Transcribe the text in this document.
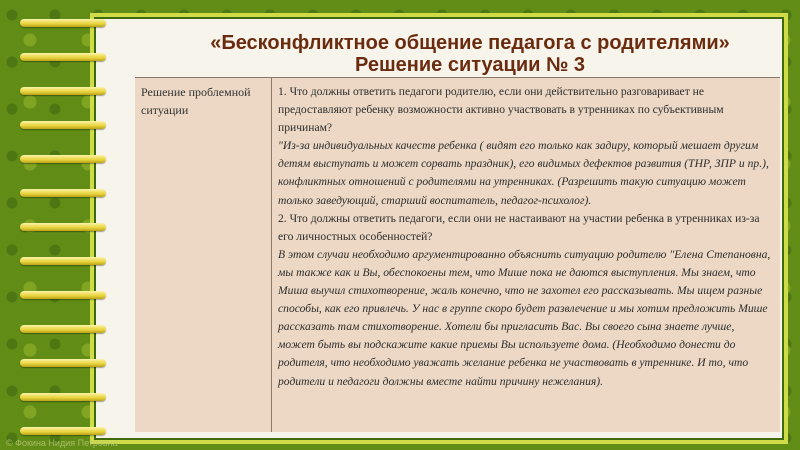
«Бесконфликтное общение педагога с родителями»
Решение ситуации № 3
Решение проблемной ситуации

1. Что должны ответить педагоги родителю, если они действительно разговаривает не предоставляют ребенку возможности активно участвовать в утренниках по субъективным причинам?

"Из-за индивидуальных качеств ребенка ( видят его только как задиру, который мешает другим детям выступать и может сорвать праздник), его видимых дефектов развития (ТНР, ЗПР и пр.), конфликтных отношений с родителями на утренниках. (Разрешить такую ситуацию может только заведующий, старший воспитатель, педагог-психолог).

2. Что должны ответить педагоги, если они не настаивают на участии ребенка в утренниках из-за его личностных особенностей?

В этом случаи необходимо аргументированно объяснить ситуацию родителю "Елена Степановна, мы также как и Вы, обеспокоены тем, что Мише пока не даются выступления. Мы знаем, что Миша выучил стихотворение, жаль конечно, что не захотел его рассказывать. Мы ищем разные способы, как его привлечь. У нас в группе скоро будет развлечение и мы хотим предложить Мише рассказать там стихотворение. Хотели бы пригласить Вас. Вы своего сына знаете лучше, может быть вы подскажите какие приемы Вы используете дома. (Необходимо донести до родителя, что необходимо уважать желание ребенка не участвовать в утреннике. И то, что родители и педагоги должны вместе найти причину нежелания).

© Фокина Нидия Петровна
